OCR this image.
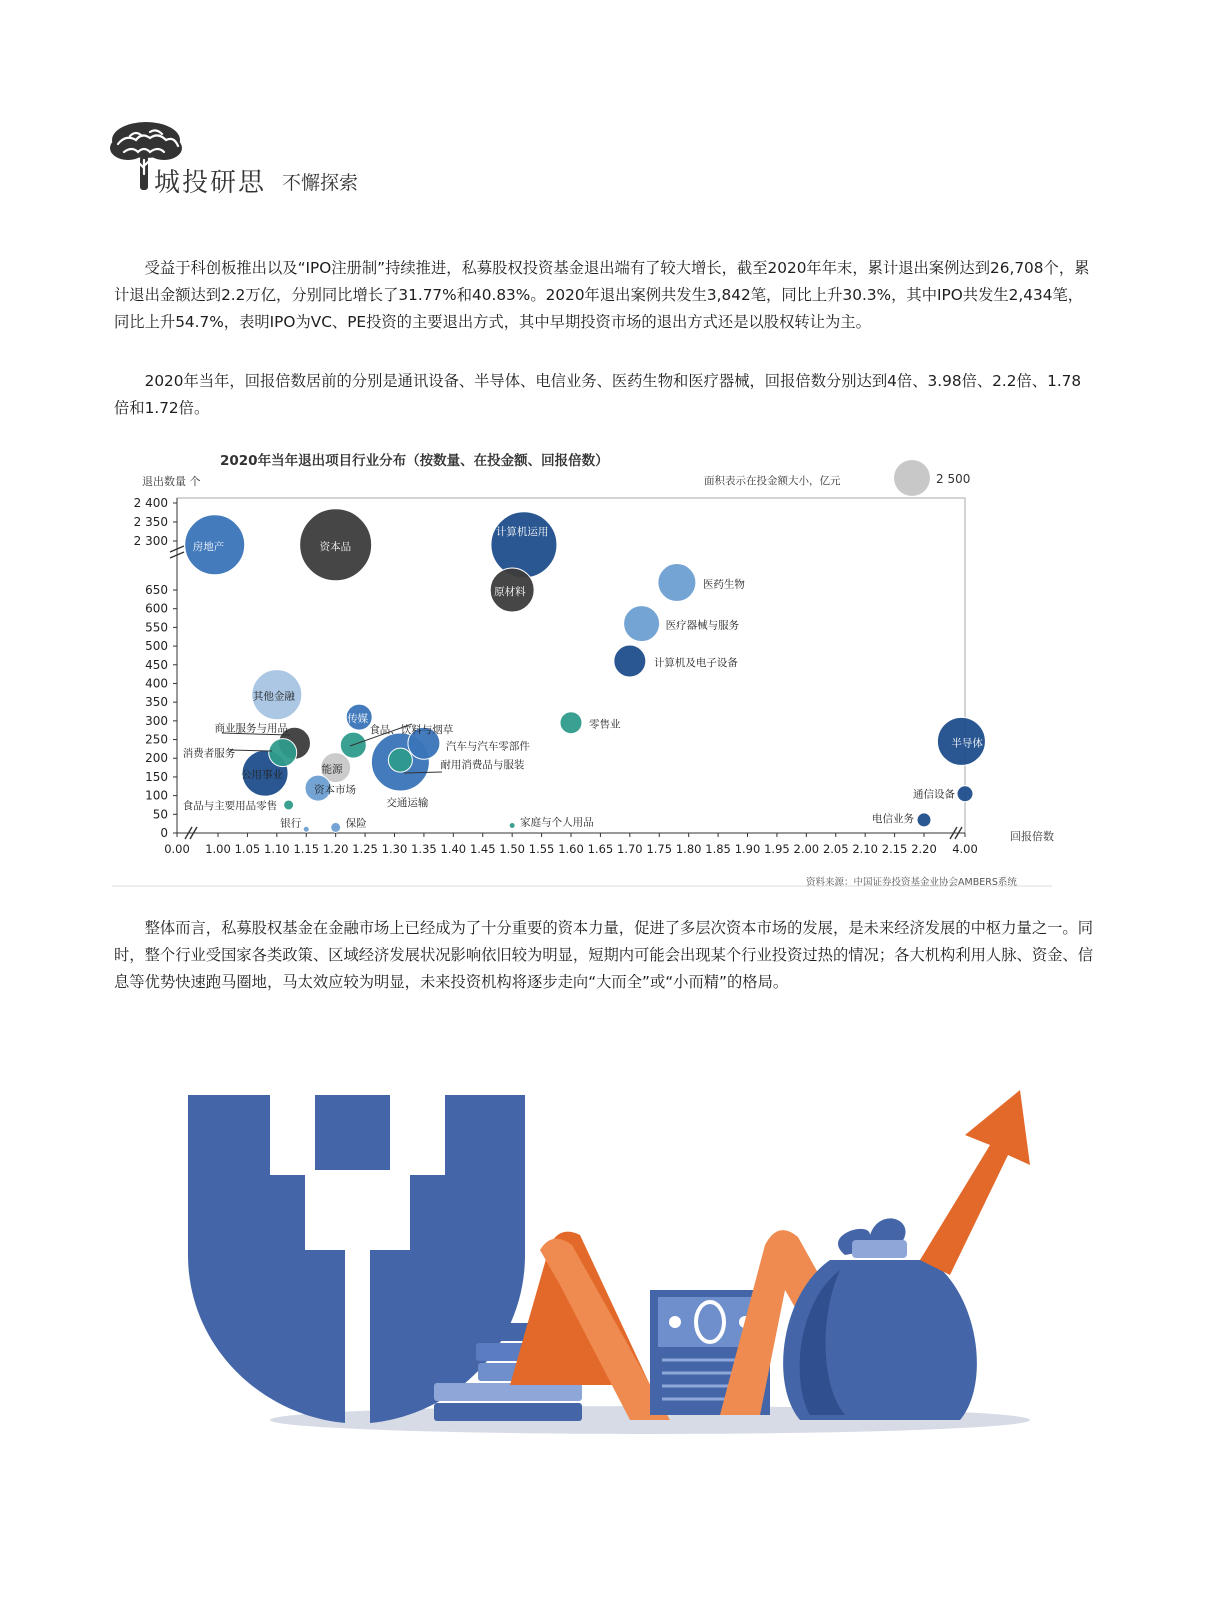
城投研思 不懈探索

受益于科创板推出以及“IPO注册制”持续推进，私募股权投资基金退出端有了较大增长，截至2020年年末，累计退出案例达到26,708个，累计退出金额达到2.2万亿，分别同比增长了31.77%和40.83%。2020年退出案例共发生3,842笔，同比上升30.3%，其中IPO共发生2,434笔，同比上升54.7%，表明IPO为VC、PE投资的主要退出方式，其中早期投资市场的退出方式还是以股权转让为主。

2020年当年，回报倍数居前的分别是通讯设备、半导体、电信业务、医药生物和医疗器械，回报倍数分别达到4倍、3.98倍、2.2倍、1.78倍和1.72倍。

2020年当年退出项目行业分布（按数量、在投金额、回报倍数）
退出数量 个	面积表示在投金额大小，亿元	2 500
2 400
2 350
2 300
650
600
550
500
450
400
350
300
250
200
150
100
50
0
0.00 1.00 1.05 1.10 1.15 1.20 1.25 1.30 1.35 1.40 1.45 1.50 1.55 1.60 1.65 1.70 1.75 1.80 1.85 1.90 1.95 2.00 2.05 2.10 2.15 2.20 4.00
房地产	资本品
计算机运用
原材料
交通运输
公用事业
其他金融
医药生物
医疗器械与服务
计算机及电子设备
商业服务与用品
汽车与汽车零部件
能源
消费者服务
资本市场
传媒
食品、饮料与烟草	零售业
耐用消费品与服装
半导体
通信设备
电信业务
食品与主要用品零售
银行	保险	家庭与个人用品
回报倍数
资料来源：中国证券投资基金业协会AMBERS系统

整体而言，私募股权基金在金融市场上已经成为了十分重要的资本力量，促进了多层次资本市场的发展，是未来经济发展的中枢力量之一。同时，整个行业受国家各类政策、区域经济发展状况影响依旧较为明显，短期内可能会出现某个行业投资过热的情况；各大机构利用人脉、资金、信息等优势快速跑马圈地，马太效应较为明显，未来投资机构将逐步走向“大而全”或“小而精”的格局。
